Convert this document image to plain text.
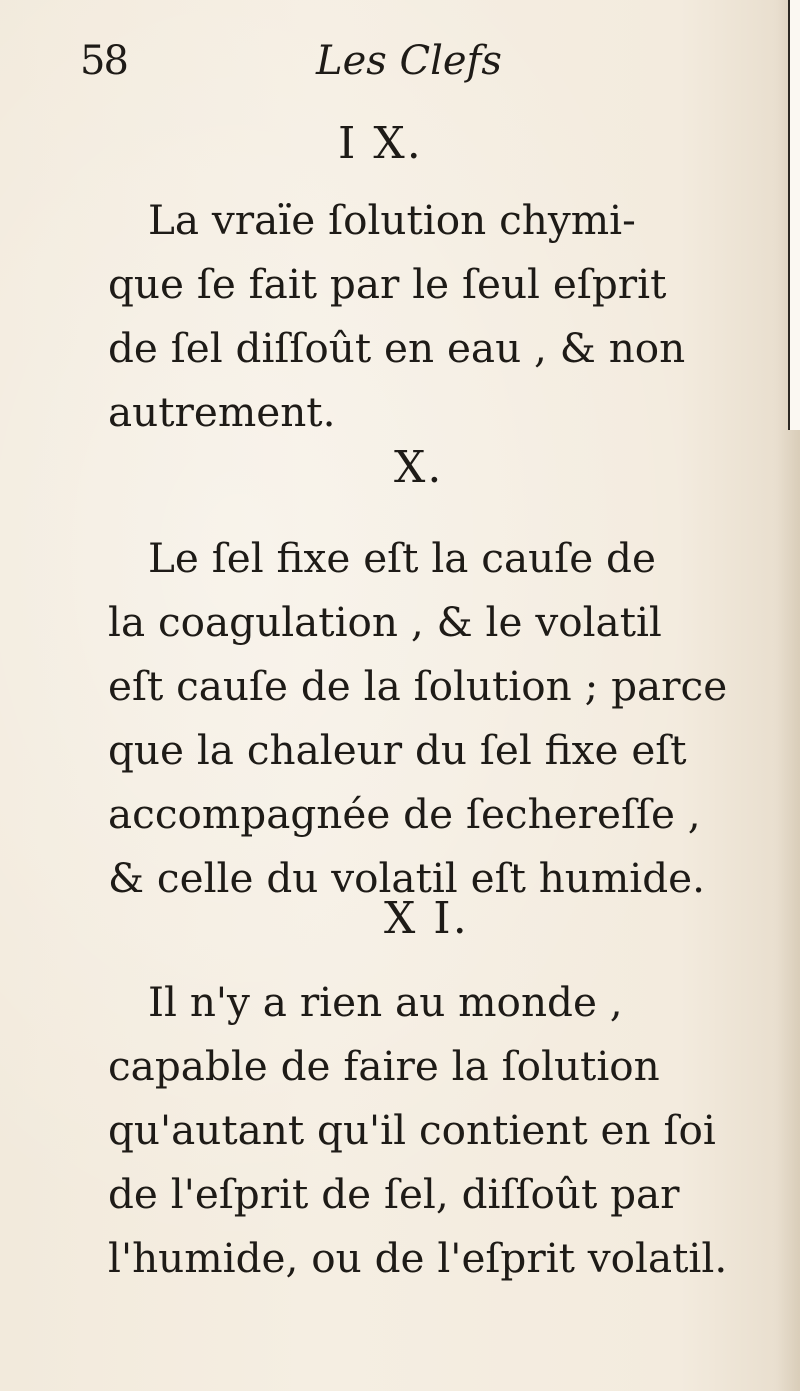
58	Les Clefs
I X.
La vraïe ſolution chymi-
que ſe fait par le ſeul eſprit
de ſel diſſoût en eau , & non
autrement.
X.
Le ſel fixe eſt la cauſe de
la coagulation , & le volatil
eſt cauſe de la ſolution ; parce
que la chaleur du ſel fixe eſt
accompagnée de ſechereſſe ,
& celle du volatil eſt humide.
X I.
Il n'y a rien au monde ,
capable de faire la ſolution
qu'autant qu'il contient en ſoi
de l'eſprit de ſel, diſſoût par
l'humide, ou de l'eſprit volatil.
